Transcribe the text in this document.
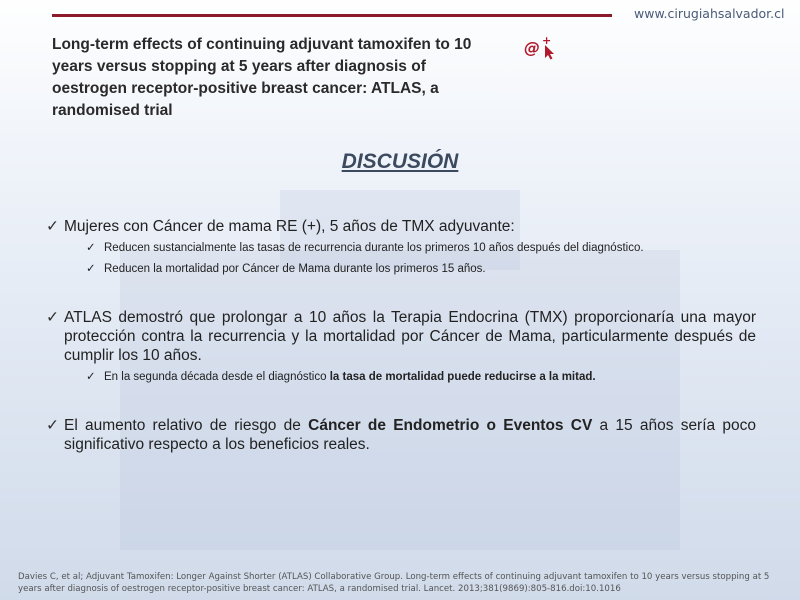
www.cirugiahsalvador.cl
Long-term effects of continuing adjuvant tamoxifen to 10 years versus stopping at 5 years after diagnosis of oestrogen receptor-positive breast cancer: ATLAS, a randomised trial
@ +
DISCUSIÓN
✓ Mujeres con Cáncer de mama RE (+), 5 años de TMX adyuvante:
✓ Reducen sustancialmente las tasas de recurrencia durante los primeros 10 años después del diagnóstico.
✓ Reducen la mortalidad por Cáncer de Mama durante los primeros 15 años.
✓ ATLAS demostró que prolongar a 10 años la Terapia Endocrina (TMX) proporcionaría una mayor protección contra la recurrencia y la mortalidad por Cáncer de Mama, particularmente después de cumplir los 10 años.
✓ En la segunda década desde el diagnóstico la tasa de mortalidad puede reducirse a la mitad.
✓ El aumento relativo de riesgo de Cáncer de Endometrio o Eventos CV a 15 años sería poco significativo respecto a los beneficios reales.
Davies C, et al; Adjuvant Tamoxifen: Longer Against Shorter (ATLAS) Collaborative Group. Long-term effects of continuing adjuvant tamoxifen to 10 years versus stopping at 5 years after diagnosis of oestrogen receptor-positive breast cancer: ATLAS, a randomised trial. Lancet. 2013;381(9869):805-816.doi:10.1016
